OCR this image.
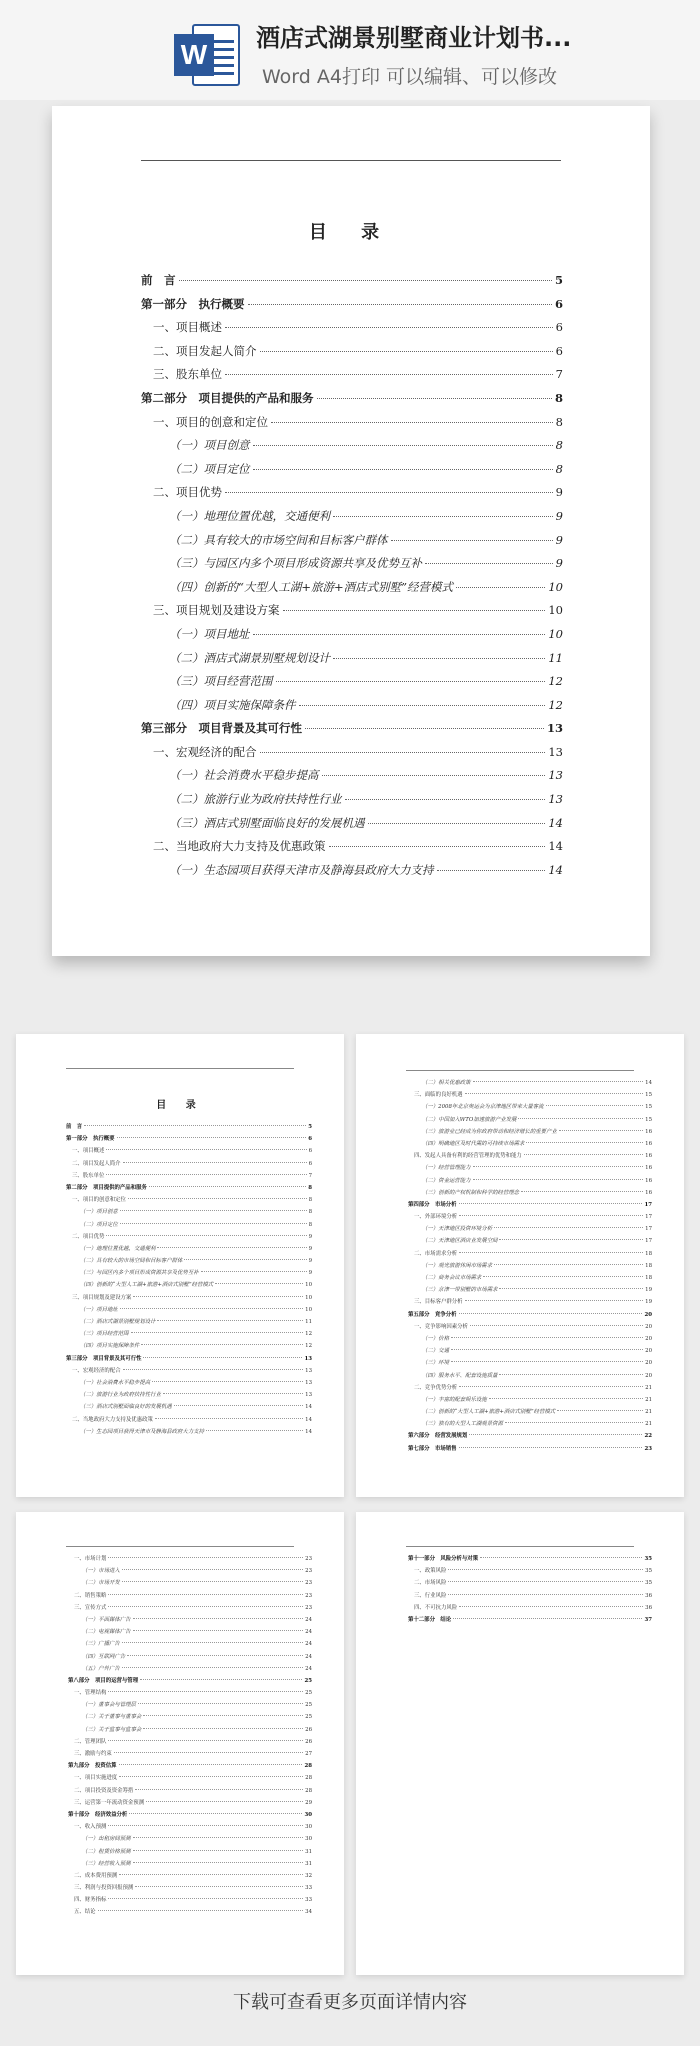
W
酒店式湖景别墅商业计划书...
Word A4打印 可以编辑、可以修改
目 录
前　言	5
第一部分　执行概要	6
一、项目概述	6
二、项目发起人简介	6
三、股东单位	7
第二部分　项目提供的产品和服务	8
一、项目的创意和定位	8
（一）项目创意	8
（二）项目定位	8
二、项目优势	9
（一）地理位置优越，交通便利	9
（二）具有较大的市场空间和目标客户群体	9
（三）与园区内多个项目形成资源共享及优势互补	9
（四）创新的“大型人工湖+旅游+酒店式别墅”经营模式	10
三、项目规划及建设方案	10
（一）项目地址	10
（二）酒店式湖景别墅规划设计	11
（三）项目经营范围	12
（四）项目实施保障条件	12
第三部分　项目背景及其可行性	13
一、宏观经济的配合	13
（一）社会消费水平稳步提高	13
（二）旅游行业为政府扶持性行业	13
（三）酒店式别墅面临良好的发展机遇	14
二、当地政府大力支持及优惠政策	14
（一）生态园项目获得天津市及静海县政府大力支持	14
目 录
前　言	5
第一部分　执行概要	6
一、项目概述	6
二、项目发起人简介	6
三、股东单位	7
第二部分　项目提供的产品和服务	8
一、项目的创意和定位	8
（一）项目创意	8
（二）项目定位	8
二、项目优势	9
（一）地理位置优越，交通便利	9
（二）具有较大的市场空间和目标客户群体	9
（三）与园区内多个项目形成资源共享及优势互补	9
（四）创新的“大型人工湖+旅游+酒店式别墅”经营模式	10
三、项目规划及建设方案	10
（一）项目地址	10
（二）酒店式湖景别墅规划设计	11
（三）项目经营范围	12
（四）项目实施保障条件	12
第三部分　项目背景及其可行性	13
一、宏观经济的配合	13
（一）社会消费水平稳步提高	13
（二）旅游行业为政府扶持性行业	13
（三）酒店式别墅面临良好的发展机遇	14
二、当地政府大力支持及优惠政策	14
（一）生态园项目获得天津市及静海县政府大力支持	14
（二）相关优惠政策	14
三、面临的良好机遇	15
（一）2008年北京奥运会为京津地区带来大量客流	15
（二）中国加入WTO加速旅游产业发展	15
（三）旅游业已经成为你政府带动和经济增长的重要产业	16
（四）明确地区及时代需的可持续市场需求	16
四、发起人具备有利的经营管理的优势和能力	16
（一）经营管理能力	16
（二）资金运营能力	16
（三）创新的产权机制和科学的经营理念	16
第四部分　市场分析	17
一、外部环境分析	17
（一）天津地区投资环境分析	17
（二）天津地区酒店业发展空间	17
二、市场需求分析	18
（一）观光旅游休闲市场需求	18
（二）商务会议市场需求	18
（三）京津一带别墅的市场需求	19
三、目标客户群分析	19
第五部分　竞争分析	20
一、竞争影响因素分析	20
（一）价格	20
（二）交通	20
（三）环境	20
（四）服务水平、配套设施质量	20
二、竞争优势分析	21
（一）丰富的配套娱乐设施	21
（二）创新的“大型人工湖+旅游+酒店式别墅”经营模式	21
（三）独有的大型人工湖观景资源	21
第六部分　经营发展规划	22
第七部分　市场销售	23
一、市场计划	23
（一）市场进入	23
（二）市场开发	23
二、销售策略	23
三、宣传方式	23
（一）平面媒体广告	24
（二）电视媒体广告	24
（三）广播广告	24
（四）互联网广告	24
（五）户外广告	24
第八部分　项目的运营与管理	25
一、管理结构	25
（一）董事会与管理层	25
（二）关于董事与董事会	25
（三）关于监事与监事会	26
二、管理团队	26
三、激励与约束	27
第九部分　投资估算	28
一、项目实施进度	28
二、项目投资及资金筹措	28
三、运营第一年流动资金预测	29
第十部分　经济效益分析	30
一、收入预测	30
（一）出租房间预测	30
（二）租赁价格预测	31
（三）经营收入预测	31
二、成本费用预测	32
三、利润与投资回报预测	33
四、财务指标	33
五、结论	34
第十一部分　风险分析与对策	35
一、政策风险	35
二、市场风险	35
三、行业风险	36
四、不可抗力风险	36
第十二部分　结论	37
下载可查看更多页面详情内容
